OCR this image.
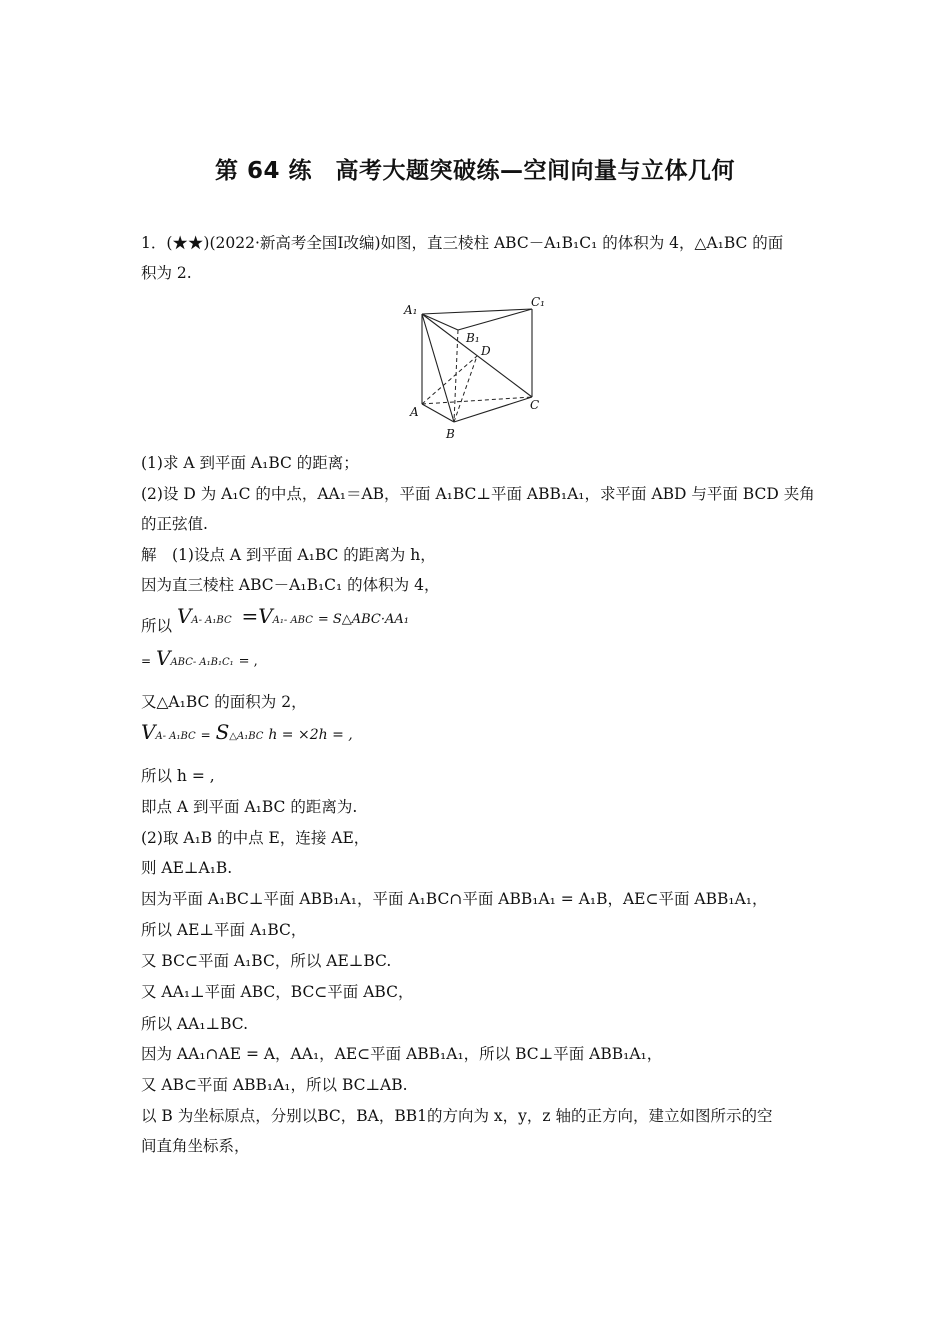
第 64 练　高考大题突破练—空间向量与立体几何
1．(★★)(2022·新高考全国Ⅰ改编)如图，直三棱柱 ABC－A₁B₁C₁ 的体积为 4，△A₁BC 的面
积为 2.
A₁
C₁
B₁
D
A	C
B
(1)求 A 到平面 A₁BC 的距离；
(2)设 D 为 A₁C 的中点，AA₁＝AB，平面 A₁BC⊥平面 ABB₁A₁，求平面 ABD 与平面 BCD 夹角
的正弦值.
解　(1)设点 A 到平面 A₁BC 的距离为 h，
因为直三棱柱 ABC－A₁B₁C₁ 的体积为 4，
所以 VA- A₁BC =VA₁- ABC = S△ABC·AA₁
= VABC- A₁B₁C₁ = ,
又△A₁BC 的面积为 2，
VA- A₁BC = S△A₁BC h = ×2h = ,
所以 h = ,
即点 A 到平面 A₁BC 的距离为.
(2)取 A₁B 的中点 E，连接 AE，
则 AE⊥A₁B.
因为平面 A₁BC⊥平面 ABB₁A₁，平面 A₁BC∩平面 ABB₁A₁ = A₁B，AE⊂平面 ABB₁A₁，
所以 AE⊥平面 A₁BC，
又 BC⊂平面 A₁BC，所以 AE⊥BC.
又 AA₁⊥平面 ABC，BC⊂平面 ABC，
所以 AA₁⊥BC.
因为 AA₁∩AE = A，AA₁，AE⊂平面 ABB₁A₁，所以 BC⊥平面 ABB₁A₁，
又 AB⊂平面 ABB₁A₁，所以 BC⊥AB.
以 B 为坐标原点，分别以BC，BA，BB1的方向为 x，y，z 轴的正方向，建立如图所示的空
间直角坐标系，
